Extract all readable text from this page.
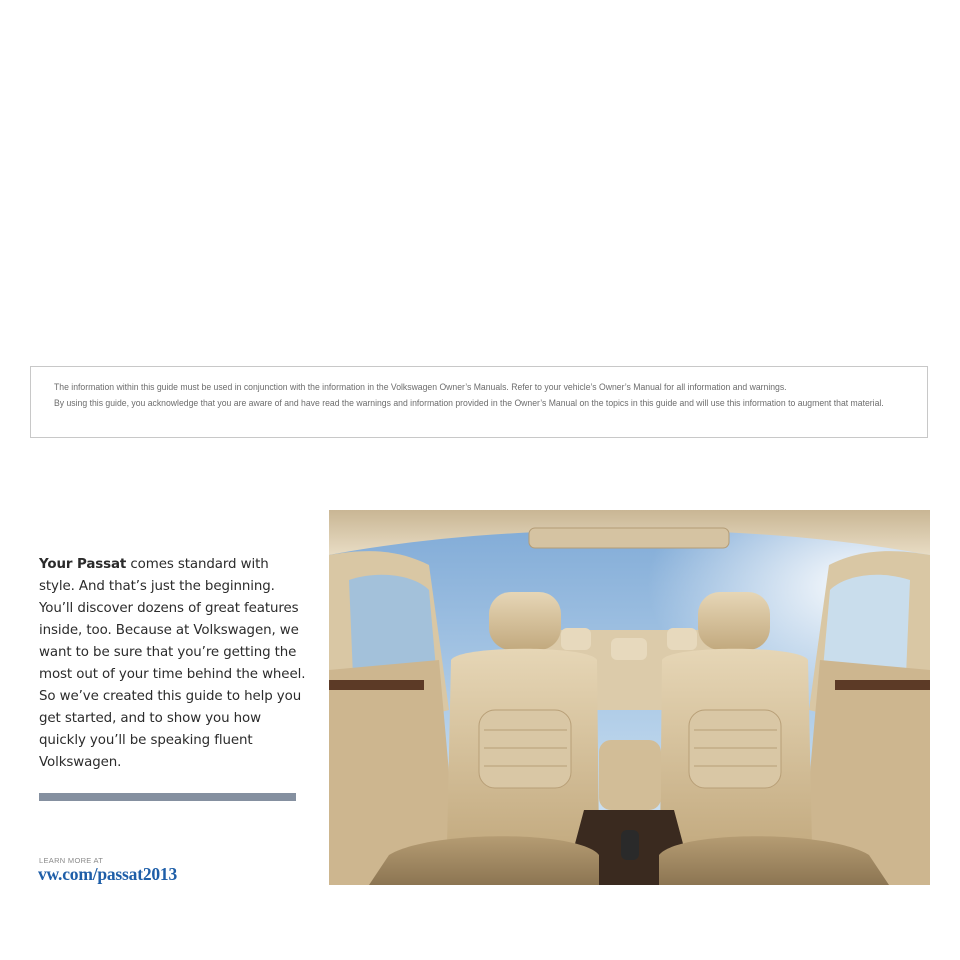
The information within this guide must be used in conjunction with the information in the Volkswagen Owner’s Manuals. Refer to your vehicle’s Owner’s Manual for all information and warnings.

By using this guide, you acknowledge that you are aware of and have read the warnings and information provided in the Owner’s Manual on the topics in this guide and will use this information to augment that material.

Your Passat comes standard with style. And that’s just the beginning. You’ll discover dozens of great features inside, too. Because at Volkswagen, we want to be sure that you’re getting the most out of your time behind the wheel. So we’ve created this guide to help you get started, and to show you how quickly you’ll be speaking fluent Volkswagen.

LEARN MORE AT
vw.com/passat2013
